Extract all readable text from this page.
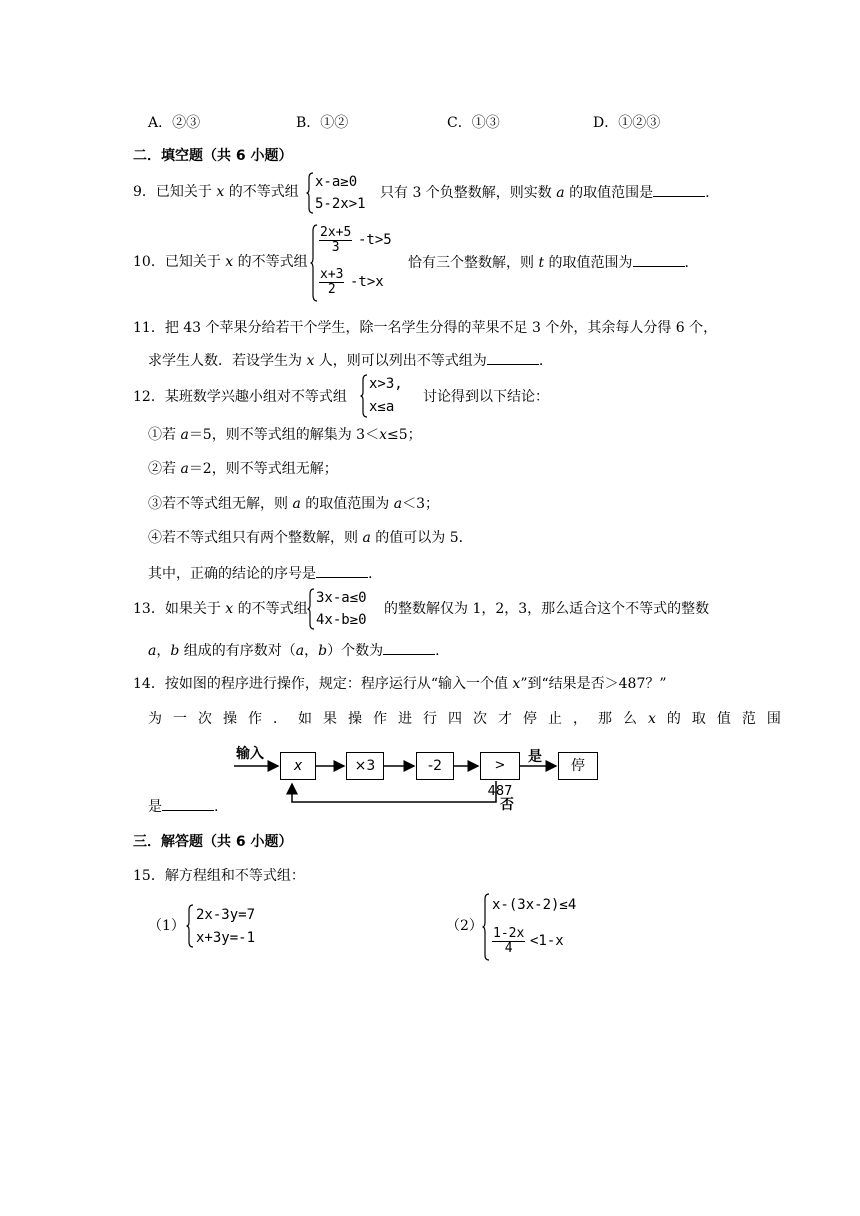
A．②③	B．①②	C．①③	D．①②③
二．填空题（共 6 小题）
9．已知关于 x 的不等式组
x-a≥0
5-2x>1
只有 3 个负整数解，则实数 a 的取值范围是	.
10．已知关于 x 的不等式组
$\frac{2x+5}{3} -t>5$
$\frac{x+3}{2} -t>x$
恰有三个整数解，则 t 的取值范围为	.
11．把 43 个苹果分给若干个学生，除一名学生分得的苹果不足 3 个外，其余每人分得 6 个，
求学生人数．若设学生为 x 人，则可以列出不等式组为	.
12．某班数学兴趣小组对不等式组
x>3,
x≤a
讨论得到以下结论：
①若 a＝5，则不等式组的解集为 3＜x≤5；
②若 a＝2，则不等式组无解；
③若不等式组无解，则 a 的取值范围为 a＜3；
④若不等式组只有两个整数解，则 a 的值可以为 5．
其中，正确的结论的序号是	.
13．如果关于 x 的不等式组
3x-a≤0
4x-b≥0
的整数解仅为 1，2，3，那么适合这个不等式的整数
a，b 组成的有序数对（a，b）个数为	.
14．按如图的程序进行操作，规定：程序运行从“输入一个值 x”到“结果是否＞487？”
为一次操作．如果操作进行四次才停止，那么x的取值范围
输入
x	×3	-2	> 487
是
停
否
是	.
三．解答题（共 6 小题）
15．解方程组和不等式组：
（1）
2x-3y=7
x+3y=-1
（2）
x-(3x-2)≤4
$\frac{1-2x}{4} <1-x$
